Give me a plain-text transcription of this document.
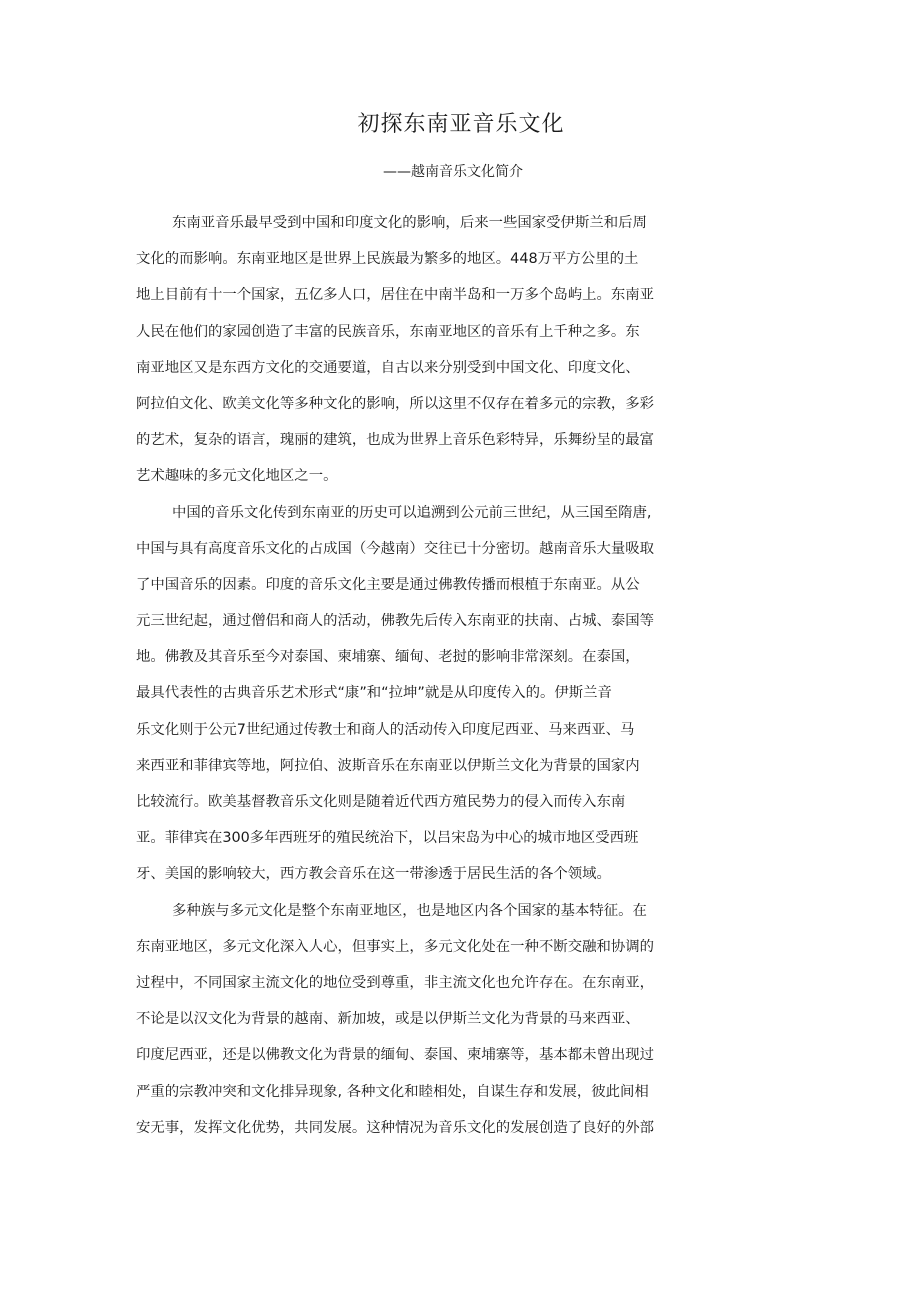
初探东南亚音乐文化
——越南音乐文化简介
东南亚音乐最早受到中国和印度文化的影响，后来一些国家受伊斯兰和后周
文化的而影响。东南亚地区是世界上民族最为繁多的地区。448万平方公里的土
地上目前有十一个国家，五亿多人口，居住在中南半岛和一万多个岛屿上。东南亚
人民在他们的家园创造了丰富的民族音乐，东南亚地区的音乐有上千种之多。东
南亚地区又是东西方文化的交通要道，自古以来分别受到中国文化、印度文化、
阿拉伯文化、欧美文化等多种文化的影响，所以这里不仅存在着多元的宗教，多彩
的艺术，复杂的语言，瑰丽的建筑，也成为世界上音乐色彩特异，乐舞纷呈的最富
艺术趣味的多元文化地区之一。
中国的音乐文化传到东南亚的历史可以追溯到公元前三世纪，从三国至隋唐,
中国与具有高度音乐文化的占成国（今越南）交往已十分密切。越南音乐大量吸取
了中国音乐的因素。印度的音乐文化主要是通过佛教传播而根植于东南亚。从公
元三世纪起，通过僧侣和商人的活动，佛教先后传入东南亚的扶南、占城、泰国等
地。佛教及其音乐至今对泰国、柬埔寨、缅甸、老挝的影响非常深刻。在泰国，
最具代表性的古典音乐艺术形式“康”和“拉坤”就是从印度传入的。伊斯兰音
乐文化则于公元7世纪通过传教士和商人的活动传入印度尼西亚、马来西亚、马
来西亚和菲律宾等地，阿拉伯、波斯音乐在东南亚以伊斯兰文化为背景的国家内
比较流行。欧美基督教音乐文化则是随着近代西方殖民势力的侵入而传入东南
亚。菲律宾在300多年西班牙的殖民统治下，以吕宋岛为中心的城市地区受西班
牙、美国的影响较大，西方教会音乐在这一带渗透于居民生活的各个领域。
多种族与多元文化是整个东南亚地区，也是地区内各个国家的基本特征。在
东南亚地区，多元文化深入人心，但事实上，多元文化处在一种不断交融和协调的
过程中，不同国家主流文化的地位受到尊重，非主流文化也允许存在。在东南亚，
不论是以汉文化为背景的越南、新加坡，或是以伊斯兰文化为背景的马来西亚、
印度尼西亚，还是以佛教文化为背景的缅甸、泰国、柬埔寨等，基本都未曾出现过
严重的宗教冲突和文化排异现象, 各种文化和睦相处，自谋生存和发展，彼此间相
安无事，发挥文化优势，共同发展。这种情况为音乐文化的发展创造了良好的外部
